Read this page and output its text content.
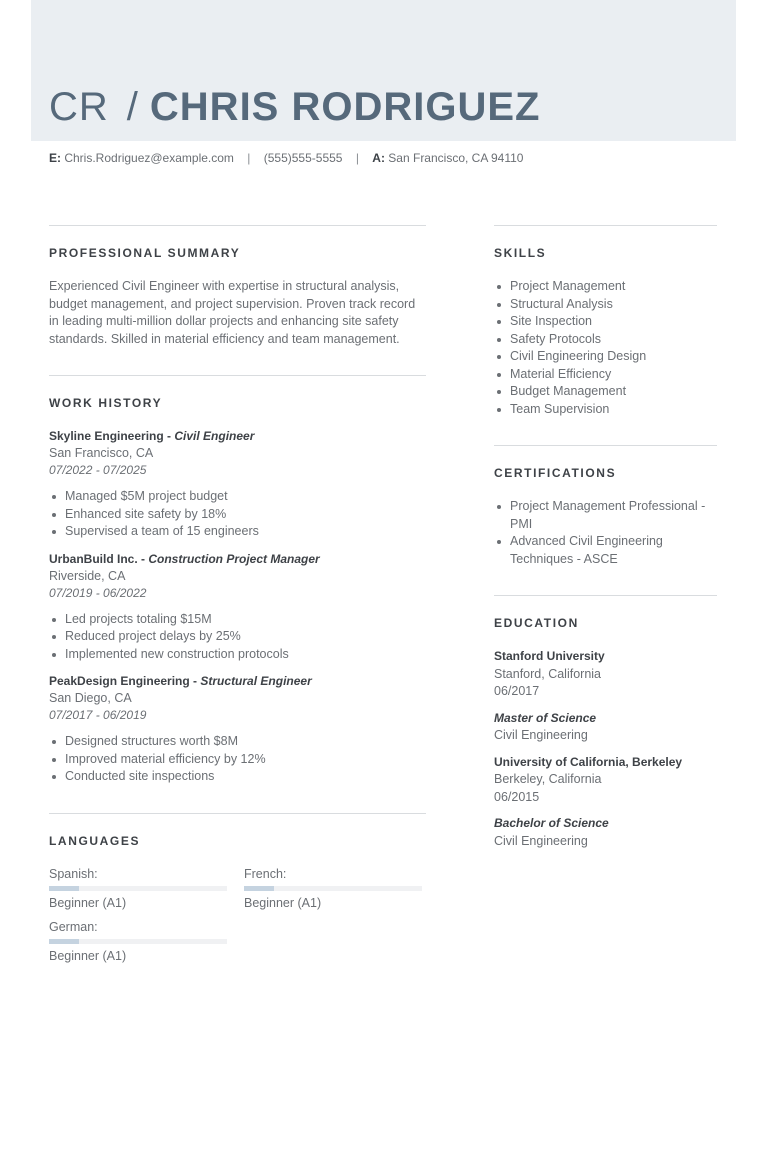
CR / CHRIS RODRIGUEZ
E: Chris.Rodriguez@example.com | (555)555-5555 | A: San Francisco, CA 94110
PROFESSIONAL SUMMARY

Experienced Civil Engineer with expertise in structural analysis, budget management, and project supervision. Proven track record in leading multi-million dollar projects and enhancing site safety standards. Skilled in material efficiency and team management.

WORK HISTORY
Skyline Engineering - Civil Engineer
San Francisco, CA
07/2022 - 07/2025
Managed $5M project budget
Enhanced site safety by 18%
Supervised a team of 15 engineers
UrbanBuild Inc. - Construction Project Manager
Riverside, CA
07/2019 - 06/2022
Led projects totaling $15M
Reduced project delays by 25%
Implemented new construction protocols
PeakDesign Engineering - Structural Engineer
San Diego, CA
07/2017 - 06/2019
Designed structures worth $8M
Improved material efficiency by 12%
Conducted site inspections
LANGUAGES
Spanish:
Beginner (A1)
French:
Beginner (A1)
German:
Beginner (A1)
SKILLS
Project Management
Structural Analysis
Site Inspection
Safety Protocols
Civil Engineering Design
Material Efficiency
Budget Management
Team Supervision
CERTIFICATIONS
Project Management Professional - PMI
Advanced Civil Engineering Techniques - ASCE
EDUCATION
Stanford University
Stanford, California
06/2017
Master of Science
Civil Engineering
University of California, Berkeley
Berkeley, California
06/2015
Bachelor of Science
Civil Engineering
